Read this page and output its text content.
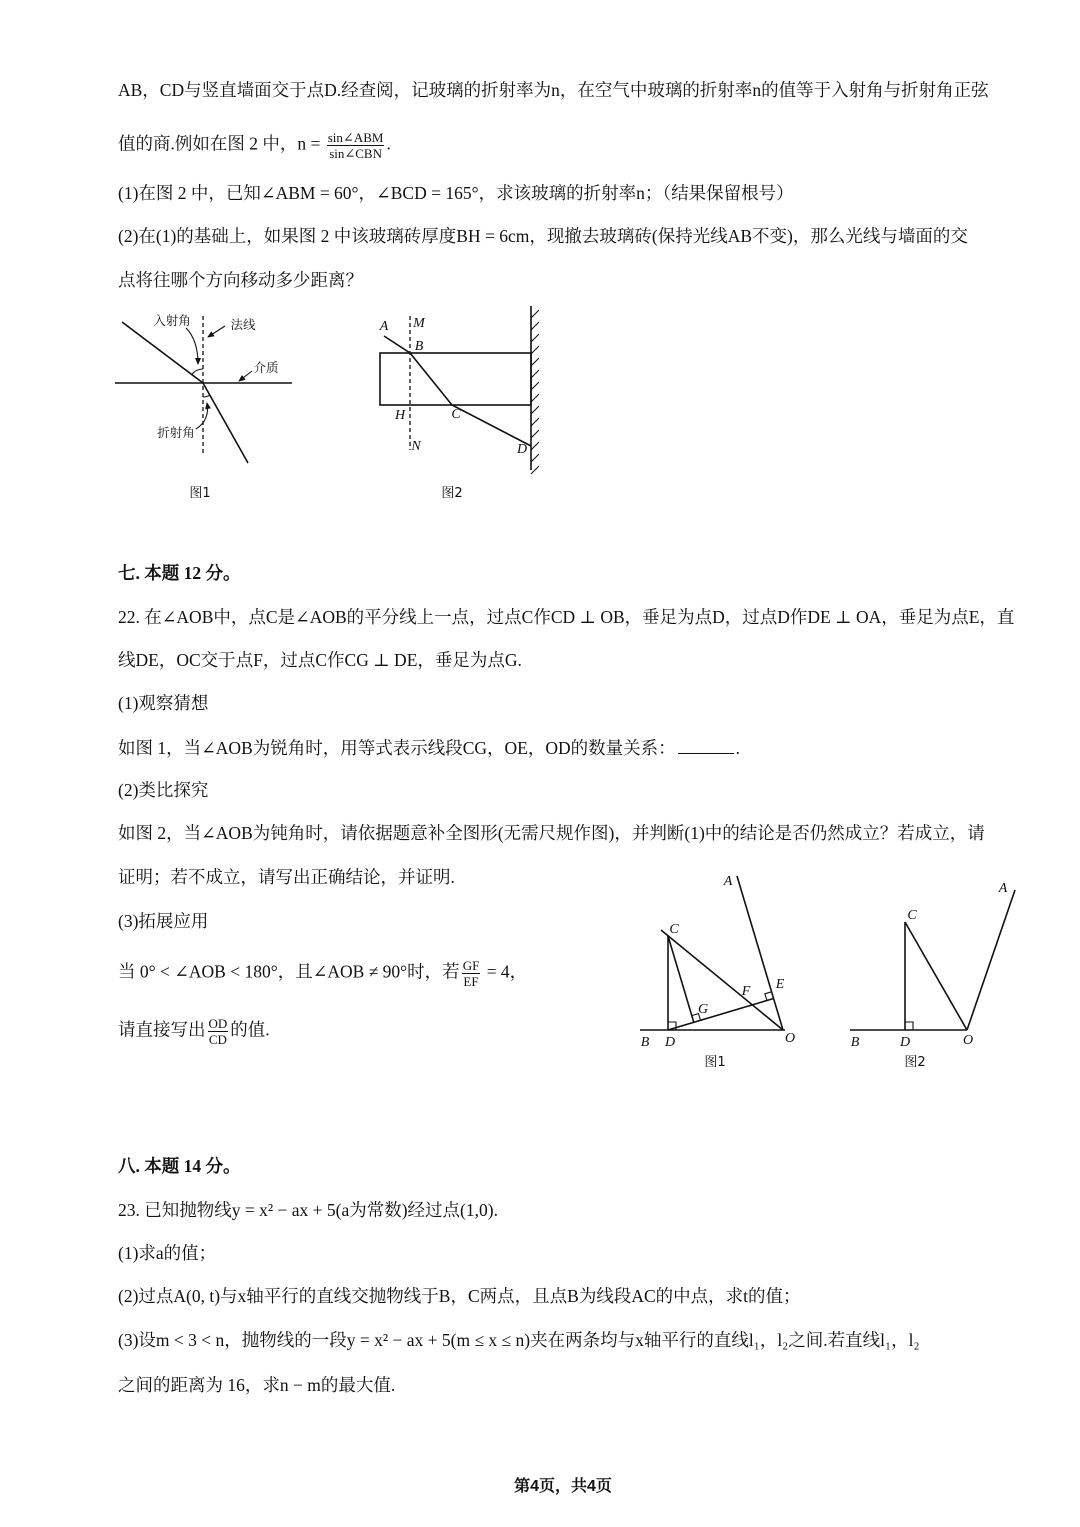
入射角	法线
介质
折射角
图1
A M
B
H	C
N	D
图2
A
C
G
F E
B D	O
图1
C
A
B	D	O
图2
AB，CD与竖直墙面交于点D.经查阅，记玻璃的折射率为n，在空气中玻璃的折射率n的值等于入射角与折射角正弦
值的商.例如在图 2 中，$n = \frac{\text{sin∠ABM}}{\text{sin∠CBN}}$ .
(1)在图 2 中，已知∠ABM = 60°，∠BCD = 165°，求该玻璃的折射率n；（结果保留根号）
(2)在(1)的基础上，如果图 2 中该玻璃砖厚度BH = 6cm，现撤去玻璃砖(保持光线AB不变)，那么光线与墙面的交
点将往哪个方向移动多少距离？
七. 本题 12 分。
22. 在∠AOB中，点C是∠AOB的平分线上一点，过点C作CD ⊥ OB，垂足为点D，过点D作DE ⊥ OA，垂足为点E，直
线DE，OC交于点F，过点C作CG ⊥ DE，垂足为点G.
(1)观察猜想
如图 1，当∠AOB为锐角时，用等式表示线段CG，OE，OD的数量关系：	.
(2)类比探究
如图 2，当∠AOB为钝角时，请依据题意补全图形(无需尺规作图)，并判断(1)中的结论是否仍然成立？若成立，请
证明；若不成立，请写出正确结论，并证明.
(3)拓展应用
当 0° < ∠AOB < 180°，且∠AOB ≠ 90°时，若 $\frac{GF}{EF} = 4$，
请直接写出 $\frac{OD}{CD}$ 的值.
八. 本题 14 分。
23. 已知抛物线y = x² − ax + 5(a为常数)经过点(1,0).
(1)求a的值；
(2)过点A(0, t)与x轴平行的直线交抛物线于B，C两点，且点B为线段AC的中点，求t的值；
(3)设m < 3 < n，抛物线的一段y = x² − ax + 5(m ≤ x ≤ n)夹在两条均与x轴平行的直线l₁，l₂之间.若直线l₁，l₂
之间的距离为 16，求n − m的最大值.
第4页，共4页
